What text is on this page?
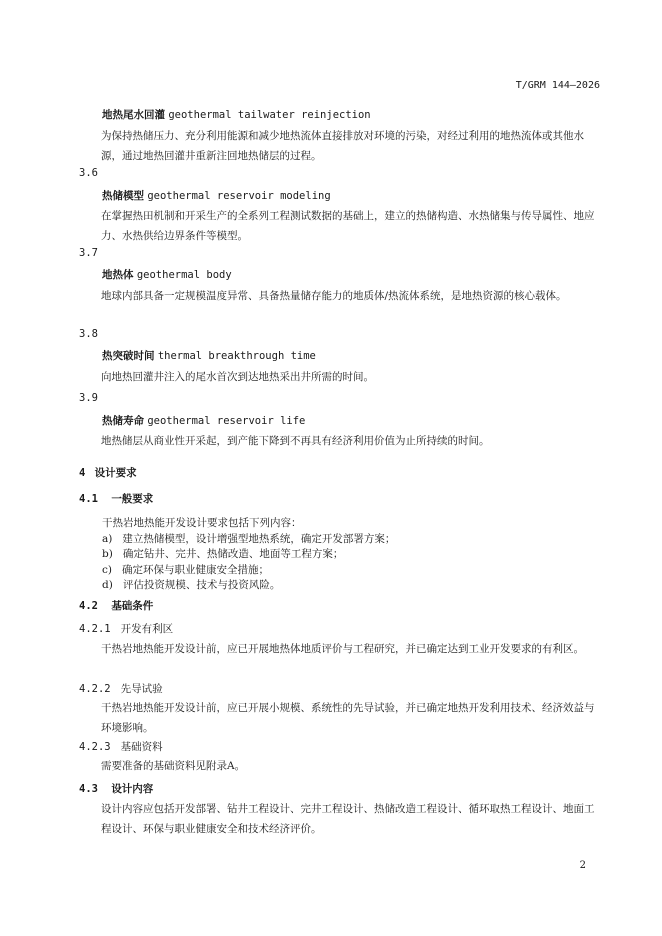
T/GRM 144—2026
地热尾水回灌 geothermal tailwater reinjection
为保持热储压力、充分利用能源和减少地热流体直接排放对环境的污染，对经过利用的地热流体或其他水源，通过地热回灌井重新注回地热储层的过程。
3.6
热储模型 geothermal reservoir modeling
在掌握热田机制和开采生产的全系列工程测试数据的基础上，建立的热储构造、水热储集与传导属性、地应力、水热供给边界条件等模型。
3.7
地热体 geothermal body
地球内部具备一定规模温度异常、具备热量储存能力的地质体/热流体系统，是地热资源的核心载体。
3.8
热突破时间 thermal breakthrough time
向地热回灌井注入的尾水首次到达地热采出井所需的时间。
3.9
热储寿命 geothermal reservoir life
地热储层从商业性开采起，到产能下降到不再具有经济利用价值为止所持续的时间。
4 设计要求
4.1 一般要求
干热岩地热能开发设计要求包括下列内容：
a) 建立热储模型，设计增强型地热系统，确定开发部署方案；
b) 确定钻井、完井、热储改造、地面等工程方案；
c) 确定环保与职业健康安全措施；
d) 评估投资规模、技术与投资风险。
4.2 基础条件
4.2.1 开发有利区
干热岩地热能开发设计前，应已开展地热体地质评价与工程研究，并已确定达到工业开发要求的有利区。
4.2.2 先导试验
干热岩地热能开发设计前，应已开展小规模、系统性的先导试验，并已确定地热开发利用技术、经济效益与环境影响。
4.2.3 基础资料
需要准备的基础资料见附录A。
4.3 设计内容
设计内容应包括开发部署、钻井工程设计、完井工程设计、热储改造工程设计、循环取热工程设计、地面工程设计、环保与职业健康安全和技术经济评价。
2
